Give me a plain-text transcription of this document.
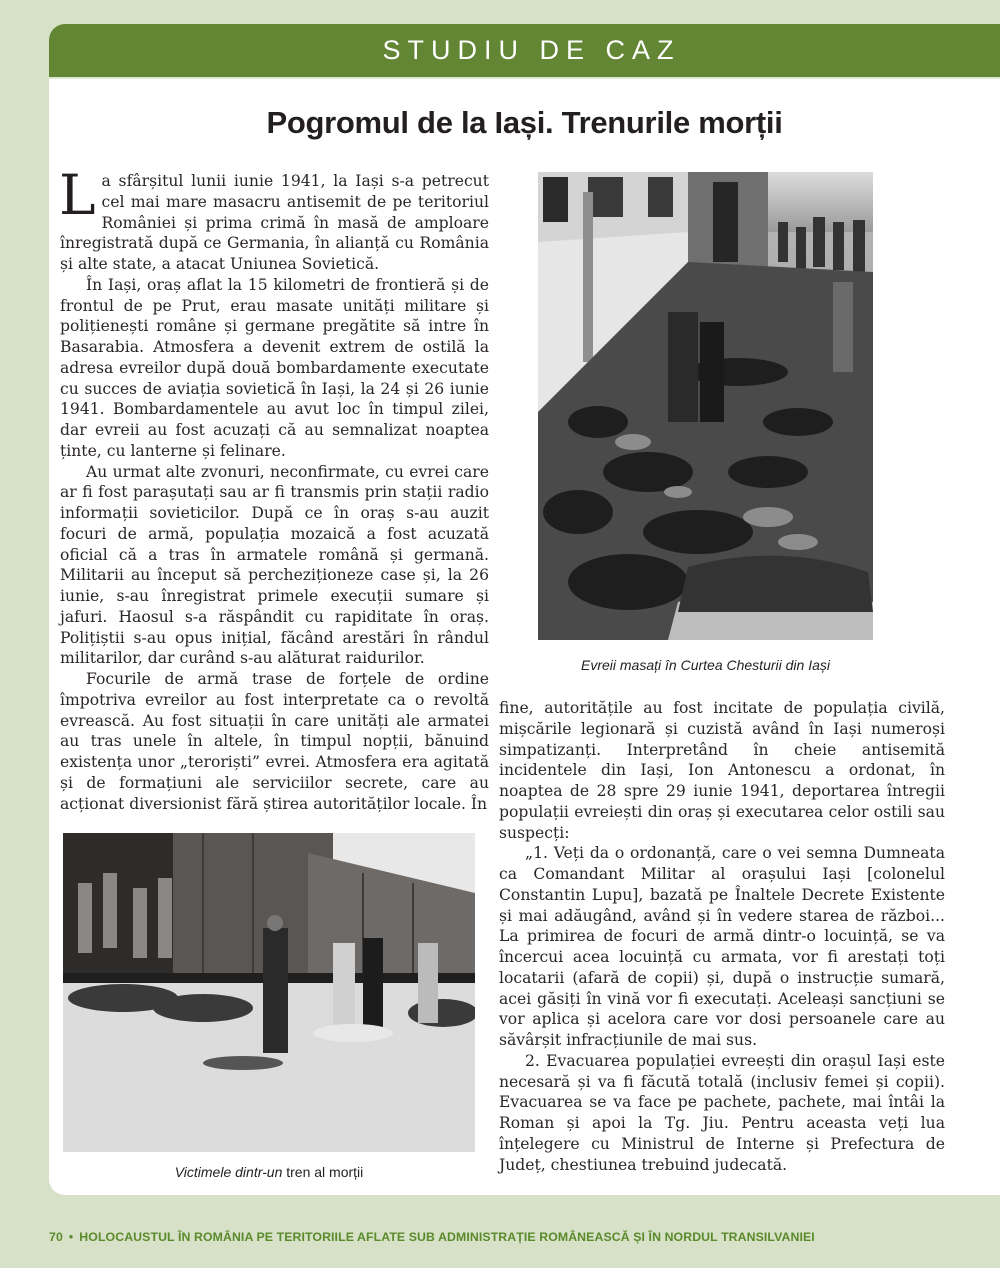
STUDIU DE CAZ
Pogromul de la Iași. Trenurile morții

La sfârșitul lunii iunie 1941, la Iași s-a petrecut cel mai mare masacru antisemit de pe teritoriul României și prima crimă în masă de amploare înregistrată după ce Germania, în alianță cu România și alte state, a atacat Uniunea Sovietică.

În Iași, oraș aflat la 15 kilometri de frontieră și de frontul de pe Prut, erau masate unități militare și polițienești române și germane pregătite să intre în Basarabia. Atmosfera a devenit extrem de ostilă la adresa evreilor după două bombardamente executate cu succes de aviația sovietică în Iași, la 24 și 26 iunie 1941. Bombardamentele au avut loc în timpul zilei, dar evreii au fost acuzați că au semnalizat noaptea ținte, cu lanterne și felinare.

Au urmat alte zvonuri, neconfirmate, cu evrei care ar fi fost parașutați sau ar fi transmis prin stații radio informații sovieticilor. După ce în oraș s-au auzit focuri de armă, populația mozaică a fost acuzată oficial că a tras în armatele română și germană. Militarii au început să percheziționeze case și, la 26 iunie, s-au înregistrat primele execuții sumare și jafuri. Haosul s-a răspândit cu rapiditate în oraș. Polițiștii s-au opus inițial, făcând arestări în rândul militarilor, dar curând s-au alăturat raidurilor.

Focurile de armă trase de forțele de ordine împotriva evreilor au fost interpretate ca o revoltă evrească. Au fost situații în care unități ale armatei au tras unele în altele, în timpul nopții, bănuind existența unor „teroriști” evrei. Atmosfera era agitată și de formațiuni ale serviciilor secrete, care au acționat diversionist fără știrea autorităților locale. În

Evreii masați în Curtea Chesturii din Iași
Victimele dintr-un tren al morții

fine, autoritățile au fost incitate de populația civilă, mișcările legionară și cuzistă având în Iași numeroși simpatizanți. Interpretând în cheie antisemită incidentele din Iași, Ion Antonescu a ordonat, în noaptea de 28 spre 29 iunie 1941, deportarea întregii populații evreiești din oraș și executarea celor ostili sau suspecți:

„1. Veți da o ordonanță, care o vei semna Dumneata ca Comandant Militar al orașului Iași [colonelul Constantin Lupu], bazată pe Înaltele Decrete Existente și mai adăugând, având și în vedere starea de război... La primirea de focuri de armă dintr-o locuință, se va încercui acea locuință cu armata, vor fi arestați toți locatarii (afară de copii) și, după o instrucție sumară, acei găsiți în vină vor fi executați. Aceleași sancțiuni se vor aplica și acelora care vor dosi persoanele care au săvârșit infracțiunile de mai sus.

2. Evacuarea populației evreești din orașul Iași este necesară și va fi făcută totală (inclusiv femei și copii). Evacuarea se va face pe pachete, pachete, mai întâi la Roman și apoi la Tg. Jiu. Pentru aceasta veți lua înțelegere cu Ministrul de Interne și Prefectura de Județ, chestiunea trebuind judecată.

70 • HOLOCAUSTUL ÎN ROMÂNIA PE TERITORIILE AFLATE SUB ADMINISTRAȚIE ROMÂNEASCĂ ȘI ÎN NORDUL TRANSILVANIEI
